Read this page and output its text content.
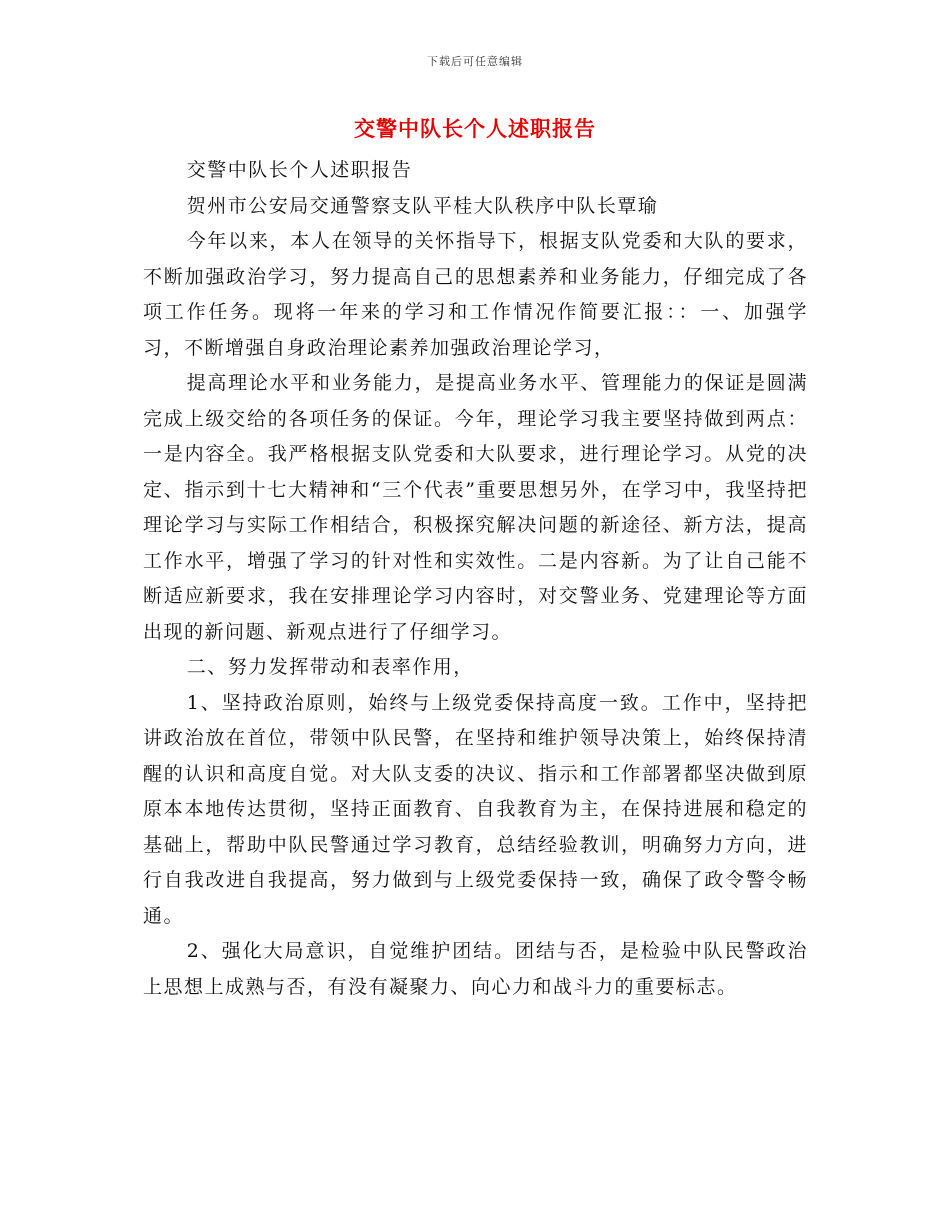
下载后可任意编辑
交警中队长个人述职报告

交警中队长个人述职报告

贺州市公安局交通警察支队平桂大队秩序中队长覃瑜

今年以来，本人在领导的关怀指导下，根据支队党委和大队的要求，不断加强政治学习，努力提高自己的思想素养和业务能力，仔细完成了各项工作任务。现将一年来的学习和工作情况作简要汇报：：一、加强学习，不断增强自身政治理论素养加强政治理论学习，

提高理论水平和业务能力，是提高业务水平、管理能力的保证是圆满完成上级交给的各项任务的保证。今年，理论学习我主要坚持做到两点：一是内容全。我严格根据支队党委和大队要求，进行理论学习。从党的决定、指示到十七大精神和“三个代表”重要思想另外，在学习中，我坚持把理论学习与实际工作相结合，积极探究解决问题的新途径、新方法，提高工作水平，增强了学习的针对性和实效性。二是内容新。为了让自己能不断适应新要求，我在安排理论学习内容时，对交警业务、党建理论等方面出现的新问题、新观点进行了仔细学习。

二、努力发挥带动和表率作用，

1、坚持政治原则，始终与上级党委保持高度一致。工作中，坚持把讲政治放在首位，带领中队民警，在坚持和维护领导决策上，始终保持清醒的认识和高度自觉。对大队支委的决议、指示和工作部署都坚决做到原原本本地传达贯彻，坚持正面教育、自我教育为主，在保持进展和稳定的基础上，帮助中队民警通过学习教育，总结经验教训，明确努力方向，进行自我改进自我提高，努力做到与上级党委保持一致，确保了政令警令畅通。

2、强化大局意识，自觉维护团结。团结与否，是检验中队民警政治上思想上成熟与否，有没有凝聚力、向心力和战斗力的重要标志。
